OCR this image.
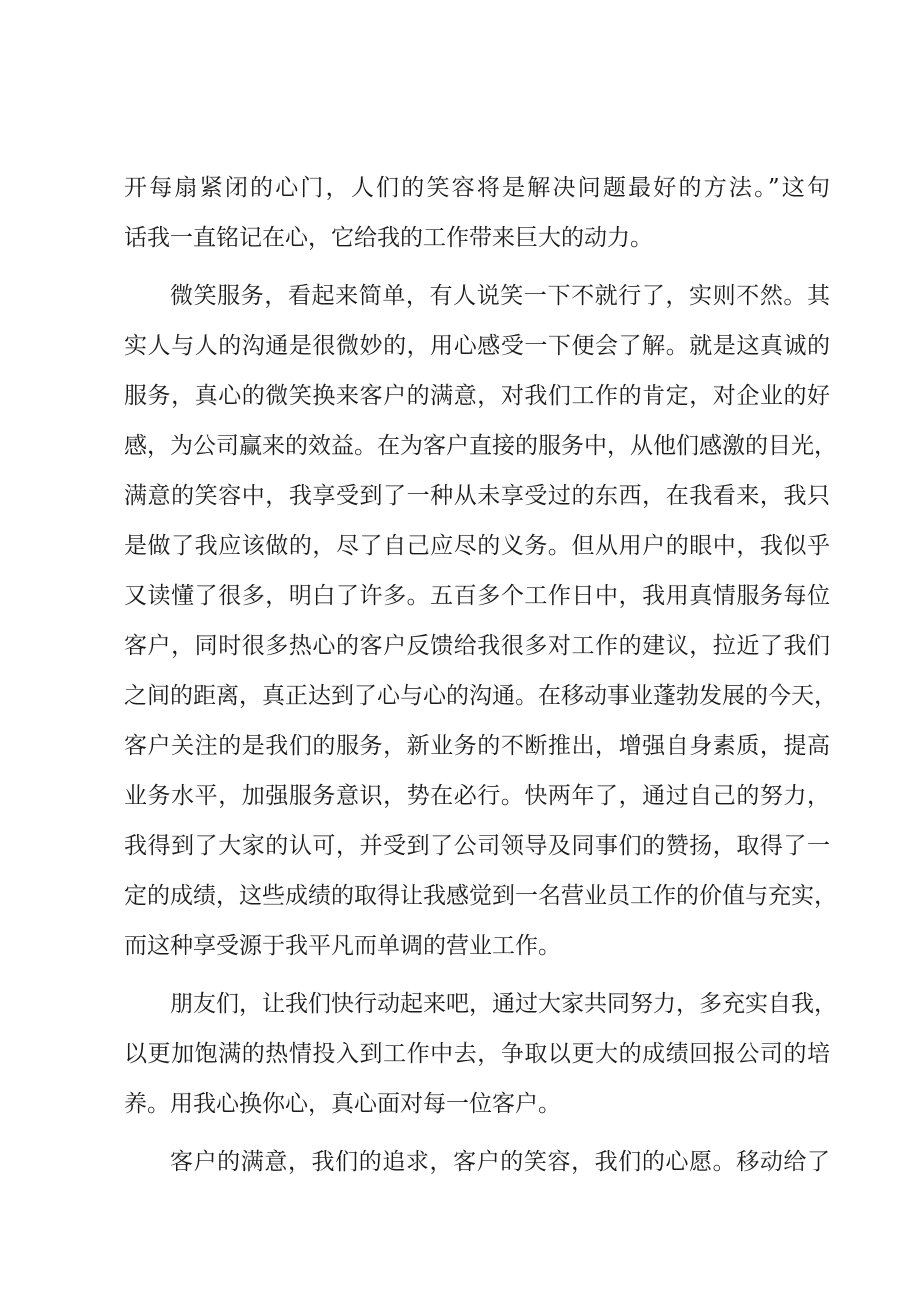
开每扇紧闭的心门，人们的笑容将是解决问题最好的方法。”这句
话我一直铭记在心，它给我的工作带来巨大的动力。
微笑服务，看起来简单，有人说笑一下不就行了，实则不然。其
实人与人的沟通是很微妙的，用心感受一下便会了解。就是这真诚的
服务，真心的微笑换来客户的满意，对我们工作的肯定，对企业的好
感，为公司赢来的效益。在为客户直接的服务中，从他们感激的目光，
满意的笑容中，我享受到了一种从未享受过的东西，在我看来，我只
是做了我应该做的，尽了自己应尽的义务。但从用户的眼中，我似乎
又读懂了很多，明白了许多。五百多个工作日中，我用真情服务每位
客户，同时很多热心的客户反馈给我很多对工作的建议，拉近了我们
之间的距离，真正达到了心与心的沟通。在移动事业蓬勃发展的今天，
客户关注的是我们的服务，新业务的不断推出，增强自身素质，提高
业务水平，加强服务意识，势在必行。快两年了，通过自己的努力，
我得到了大家的认可，并受到了公司领导及同事们的赞扬，取得了一
定的成绩，这些成绩的取得让我感觉到一名营业员工作的价值与充实，
而这种享受源于我平凡而单调的营业工作。
朋友们，让我们快行动起来吧，通过大家共同努力，多充实自我，
以更加饱满的热情投入到工作中去，争取以更大的成绩回报公司的培
养。用我心换你心，真心面对每一位客户。
客户的满意，我们的追求，客户的笑容，我们的心愿。移动给了
